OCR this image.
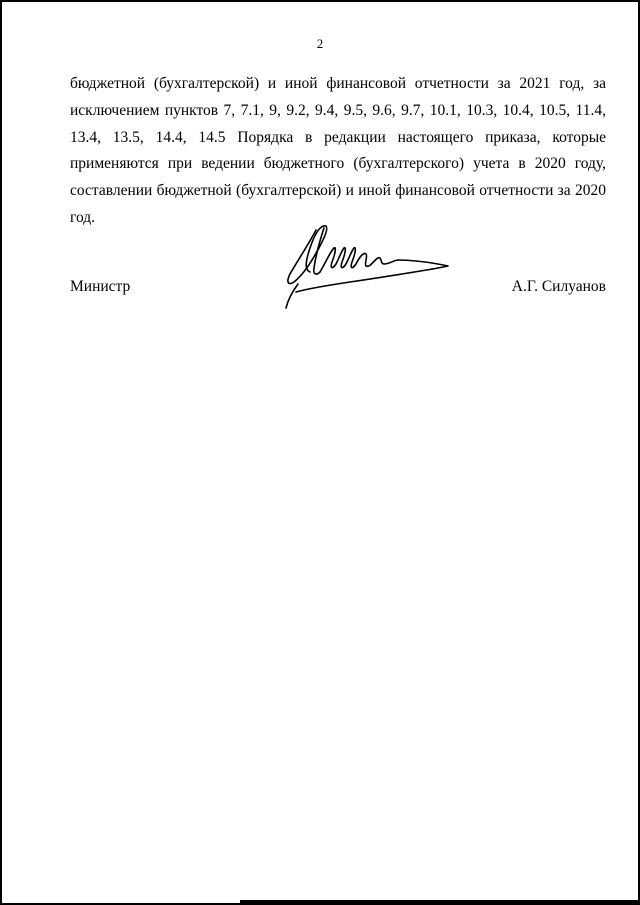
2

бюджетной (бухгалтерской) и иной финансовой отчетности за 2021 год, за исключением пунктов 7, 7.1, 9, 9.2, 9.4, 9.5, 9.6, 9.7, 10.1, 10.3, 10.4, 10.5, 11.4, 13.4, 13.5, 14.4, 14.5 Порядка в редакции настоящего приказа, которые применяются при ведении бюджетного (бухгалтерского) учета в 2020 году, составлении бюджетной (бухгалтерской) и иной финансовой отчетности за 2020 год.

Министр	А.Г. Силуанов
